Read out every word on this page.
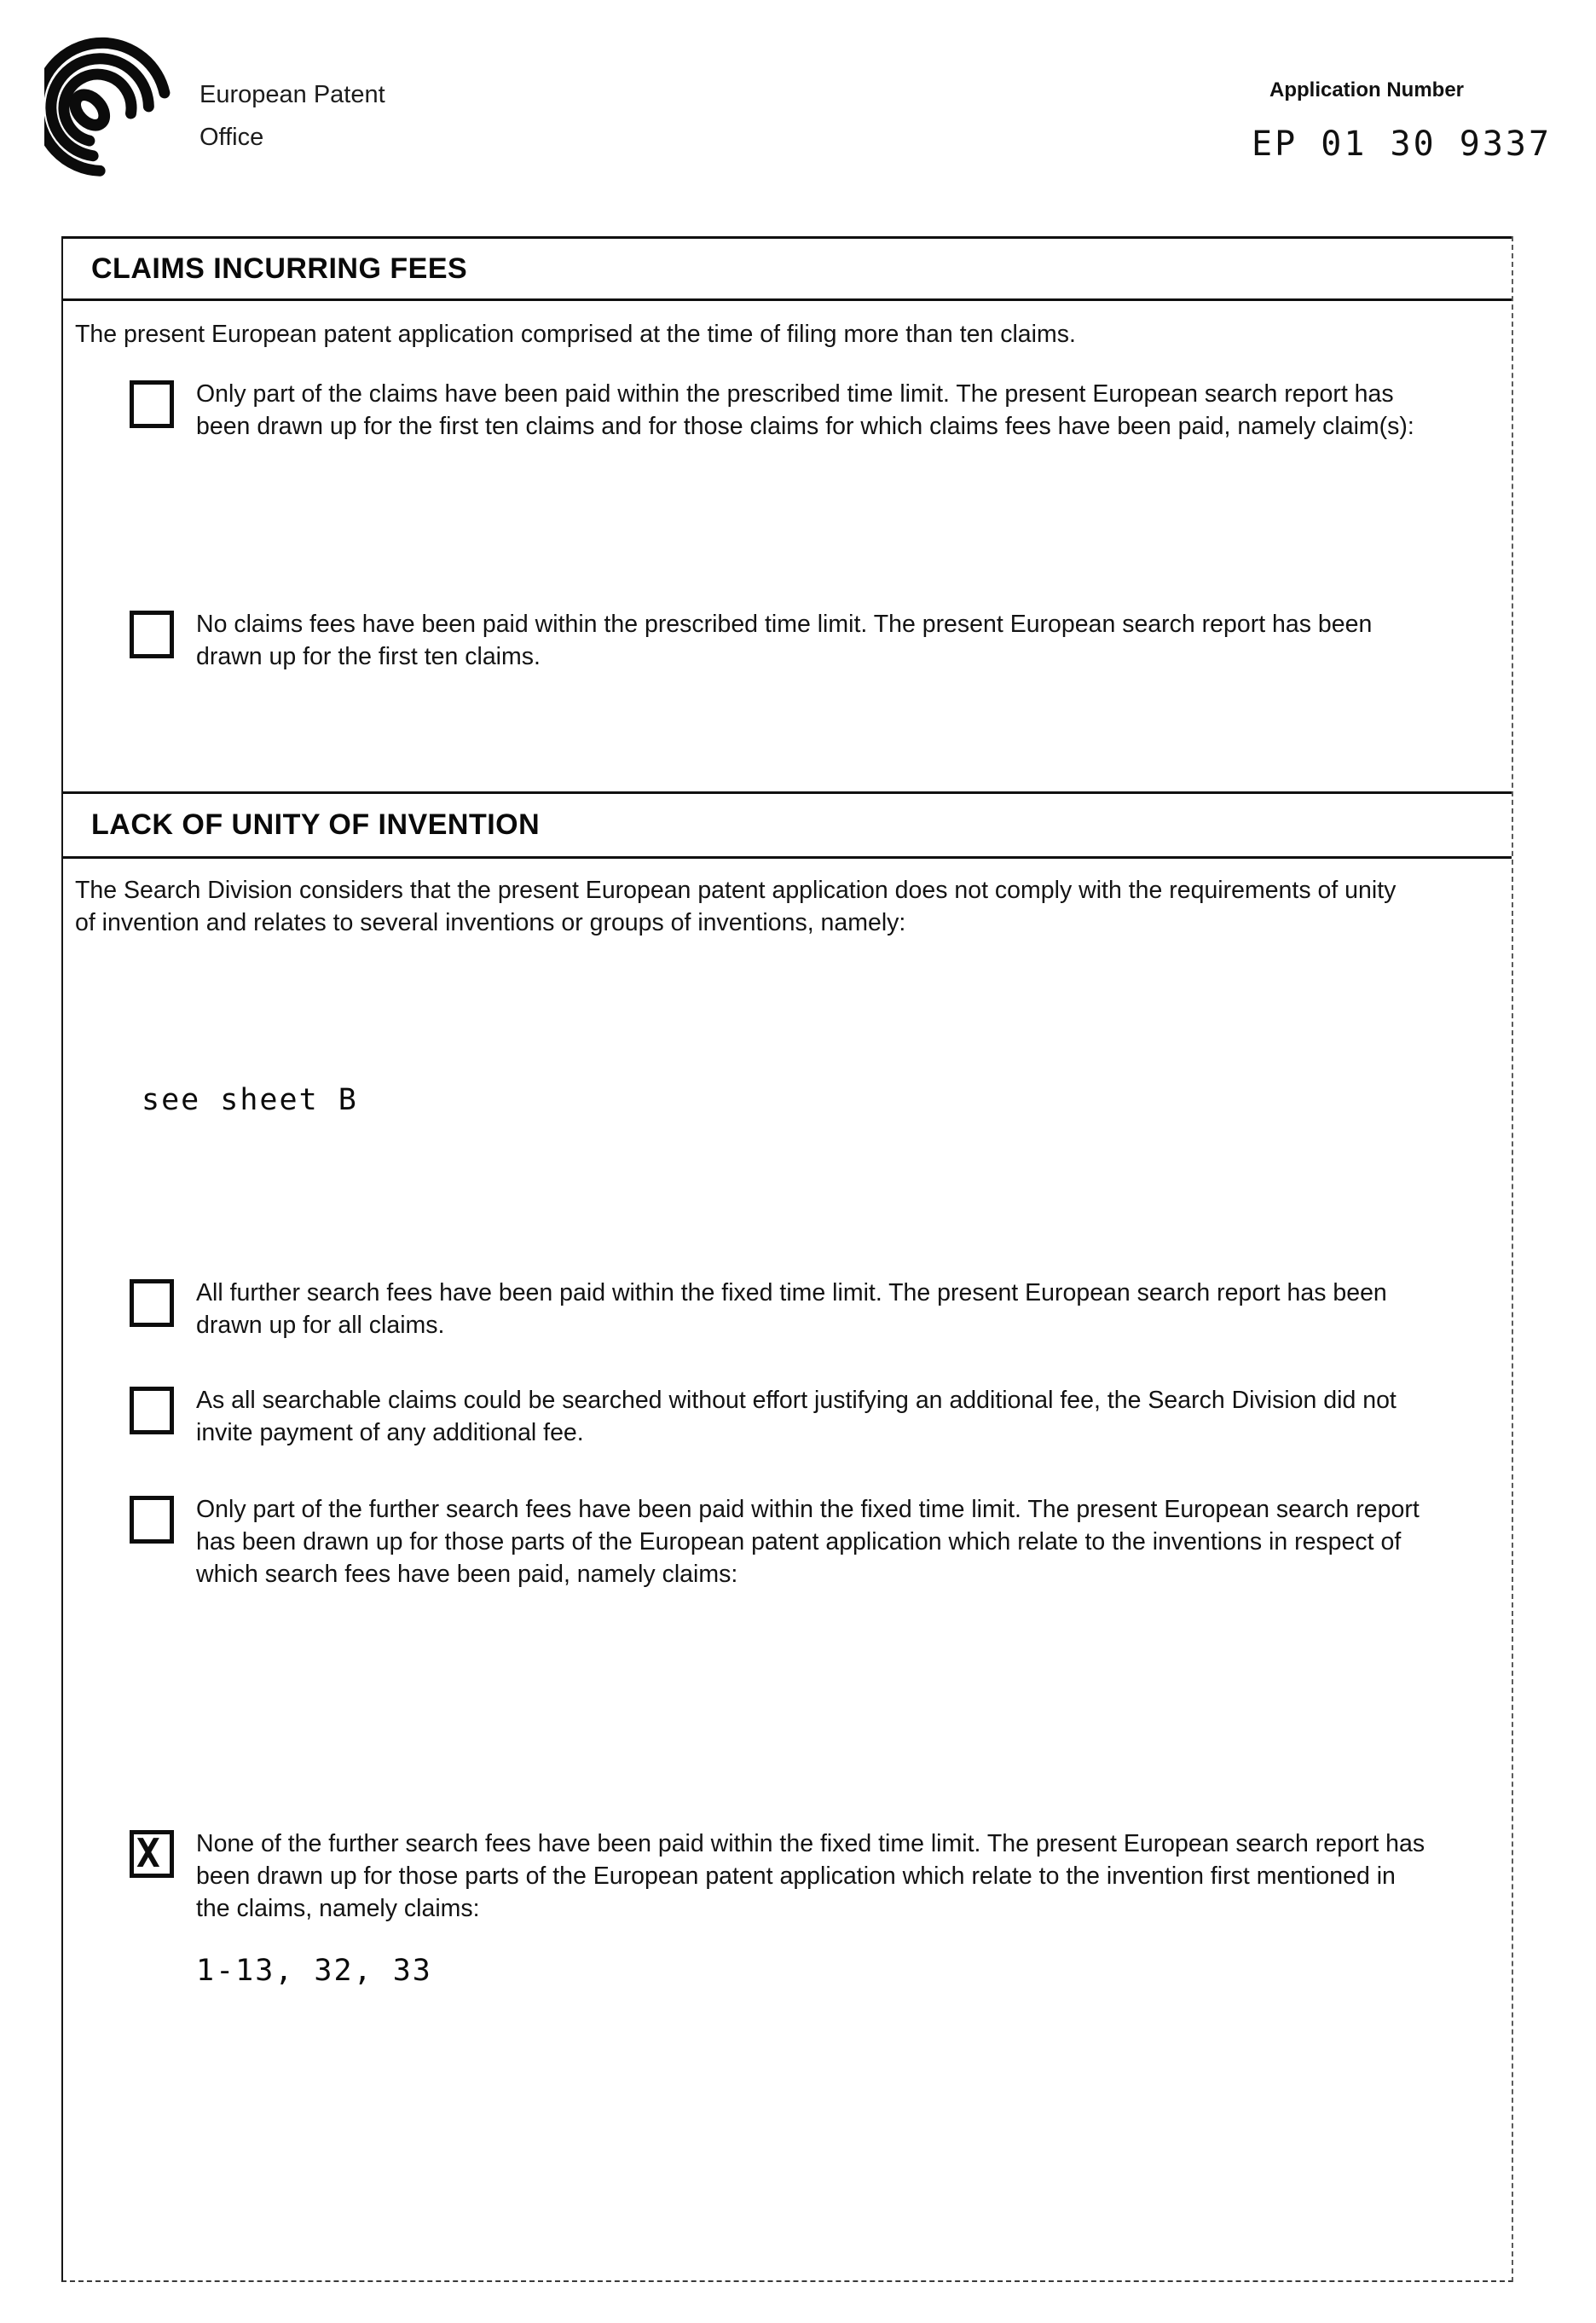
European Patent
Office
Application Number
EP 01 30 9337
CLAIMS INCURRING FEES
The present European patent application comprised at the time of filing more than ten claims.
Only part of the claims have been paid within the prescribed time limit. The present European search report has been drawn up for the first ten claims and for those claims for which claims fees have been paid, namely claim(s):
No claims fees have been paid within the prescribed time limit. The present European search report has been drawn up for the first ten claims.
LACK OF UNITY OF INVENTION
The Search Division considers that the present European patent application does not comply with the requirements of unity of invention and relates to several inventions or groups of inventions, namely:
see sheet B
All further search fees have been paid within the fixed time limit. The present European search report has been drawn up for all claims.
As all searchable claims could be searched without effort justifying an additional fee, the Search Division did not invite payment of any additional fee.
Only part of the further search fees have been paid within the fixed time limit. The present European search report has been drawn up for those parts of the European patent application which relate to the inventions in respect of which search fees have been paid, namely claims:
X	None of the further search fees have been paid within the fixed time limit. The present European search report has been drawn up for those parts of the European patent application which relate to the invention first mentioned in the claims, namely claims:
1-13, 32, 33
